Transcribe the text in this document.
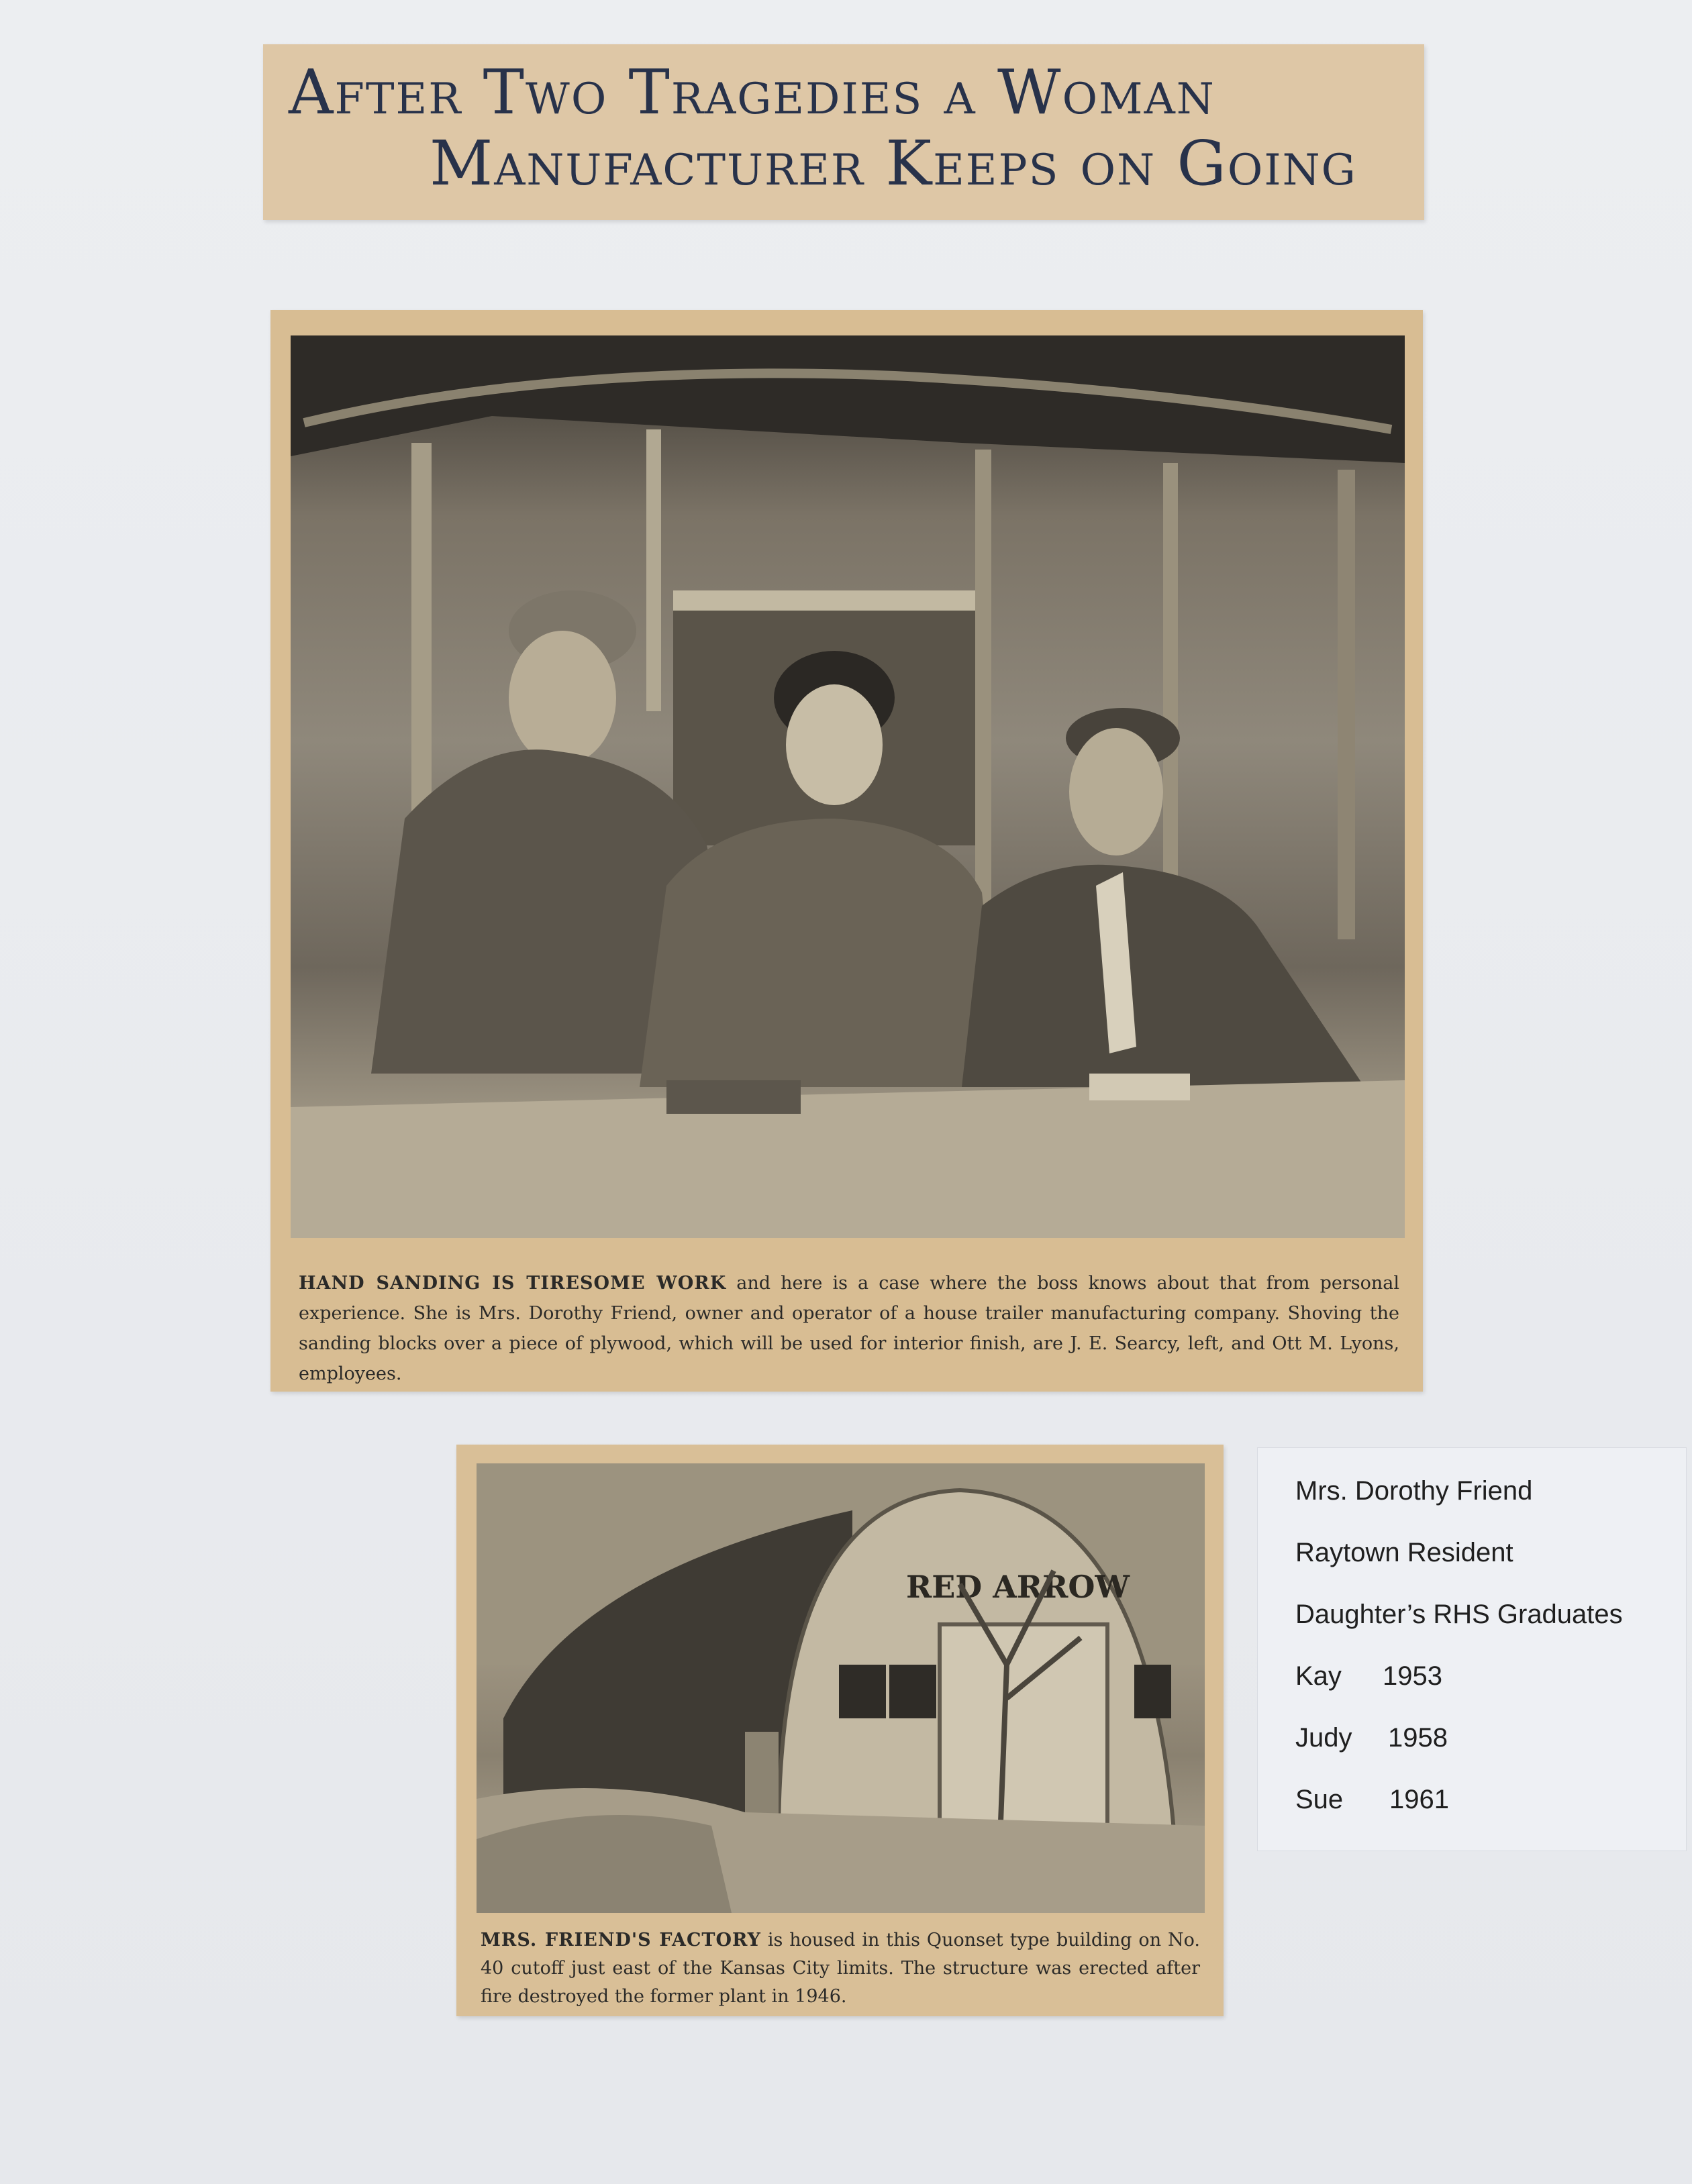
After Two Tragedies a Woman
Manufacturer Keeps on Going
HAND SANDING IS TIRESOME WORK and here is a case where the boss knows about that from personal experience. She is Mrs. Dorothy Friend, owner and operator of a house trailer manufacturing company. Shoving the sanding blocks over a piece of plywood, which will be used for interior finish, are J. E. Searcy, left, and Ott M. Lyons, employees.
RED ARROW
MRS. FRIEND'S FACTORY is housed in this Quonset type building on No. 40 cutoff just east of the Kansas City limits. The structure was erected after fire destroyed the former plant in 1946.
Mrs. Dorothy Friend
Raytown Resident
Daughter’s RHS Graduates
Kay 1953
Judy 1958
Sue 1961
